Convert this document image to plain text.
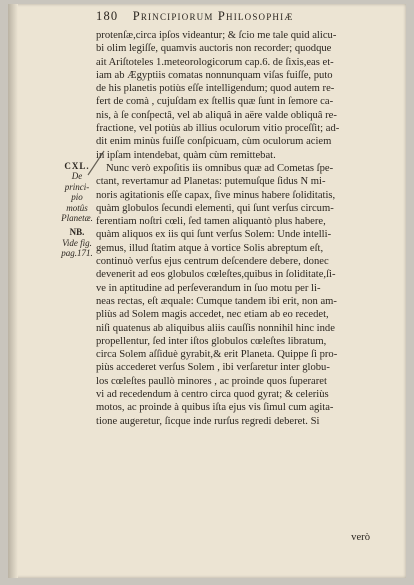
180 Principiorum Philosophiæ
protenſæ,circa ipſos videantur; & ſcio me tale quid alicu-
bi olim legiſſe, quamvis auctoris non recorder; quodque
ait Ariſtoteles 1.meteorologicorum cap.6. de ſixis,eas et-
iam ab Ægyptiis comatas nonnunquam viſas fuiſſe, puto
de his planetis potiùs eſſe intelligendum; quod autem re-
fert de comà , cujuſdam ex ſtellis quæ ſunt in ſemore ca-
nis, à ſe conſpectâ, vel ab aliquâ in aëre valde obliquâ re-
fractione, vel potiùs ab illius oculorum vitio proceſſit; ad-
dit enim minùs fuiſſe conſpicuam, cùm oculorum aciem
in ipſam intendebat, quàm cùm remittebat.
Nunc verò expoſitis iis omnibus quæ ad Cometas ſpe-
ctant, revertamur ad Planetas: putemuſque ſidus N mi-
noris agitationis eſſe capax, ſive minus habere ſoliditatis,
quàm globulos ſecundi elementi, qui ſunt verſus circum-
ferentiam noſtri cœli, ſed tamen aliquantò plus habere,
quàm aliquos ex iis qui ſunt verſus Solem: Unde intelli-
gemus, illud ſtatim atque à vortice Solis abreptum eſt,
continuò verſus ejus centrum deſcendere debere, donec
devenerit ad eos globulos cœleſtes,quibus in ſoliditate,ſi-
ve in aptitudine ad perſeverandum in ſuo motu per li-
neas rectas, eſt æquale: Cumque tandem ibi erit, non am-
pliùs ad Solem magis accedet, nec etiam ab eo recedet,
niſi quatenus ab aliquibus aliis cauſſis nonnihil hinc inde
propellentur, ſed inter iſtos globulos cœleſtes libratum,
circa Solem aſſiduè gyrabit,& erit Planeta. Quippe ſi pro-
piùs accederet verſus Solem , ibi verſaretur inter globu-
los cœleſtes paullò minores , ac proinde quos ſuperaret
vi ad recedendum à centro circa quod gyrat; & celeriùs
motos, ac proinde à quibus iſta ejus vis ſimul cum agita-
tione augeretur, ſicque inde rurſus regredi deberet. Si
CXL.
De princi-
pio motûs
Planetæ.
NB.
Vide fig.
pag.171.
verò
